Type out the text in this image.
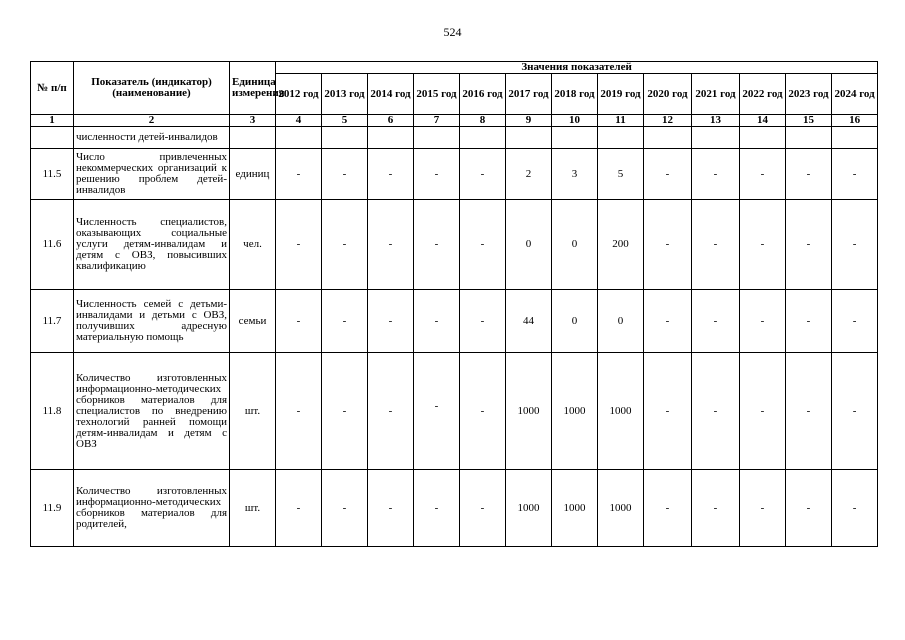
524
№ п/п	Показатель (индикатор) (наименование)	Единица измерения	Значения показателей												
			2012 год	2013 год	2014 год	2015 год	2016 год	2017 год	2018 год	2019 год	2020 год	2021 год	2022 год	2023 год	2024 год
1	2	3	4	5	6	7	8	9	10	11	12	13	14	15	16
	численности детей-инвалидов														
11.5	Число привлеченных некоммерческих организаций к решению проблем детей-инвалидов	единиц	-	-	-	-	-	2	3	5	-	-	-	-	-
11.6	Численность специалистов, оказывающих социальные услуги детям-инвалидам и детям с ОВЗ, повысивших квалификацию	чел.	-	-	-	-	-	0	0	200	-	-	-	-	-
11.7	Численность семей с детьми-инвалидами и детьми с ОВЗ, получивших адресную материальную помощь	семьи	-	-	-	-	-	44	0	0	-	-	-	-	-
11.8	Количество изготовленных информационно-методических сборников материалов для специалистов по внедрению технологий ранней помощи детям-инвалидам и детям с ОВЗ	шт.	-	-	-	-	-	1000	1000	1000	-	-	-	-	-
11.9	Количество изготовленных информационно-методических сборников материалов для родителей,	шт.	-	-	-	-	-	1000	1000	1000	-	-	-	-	-
